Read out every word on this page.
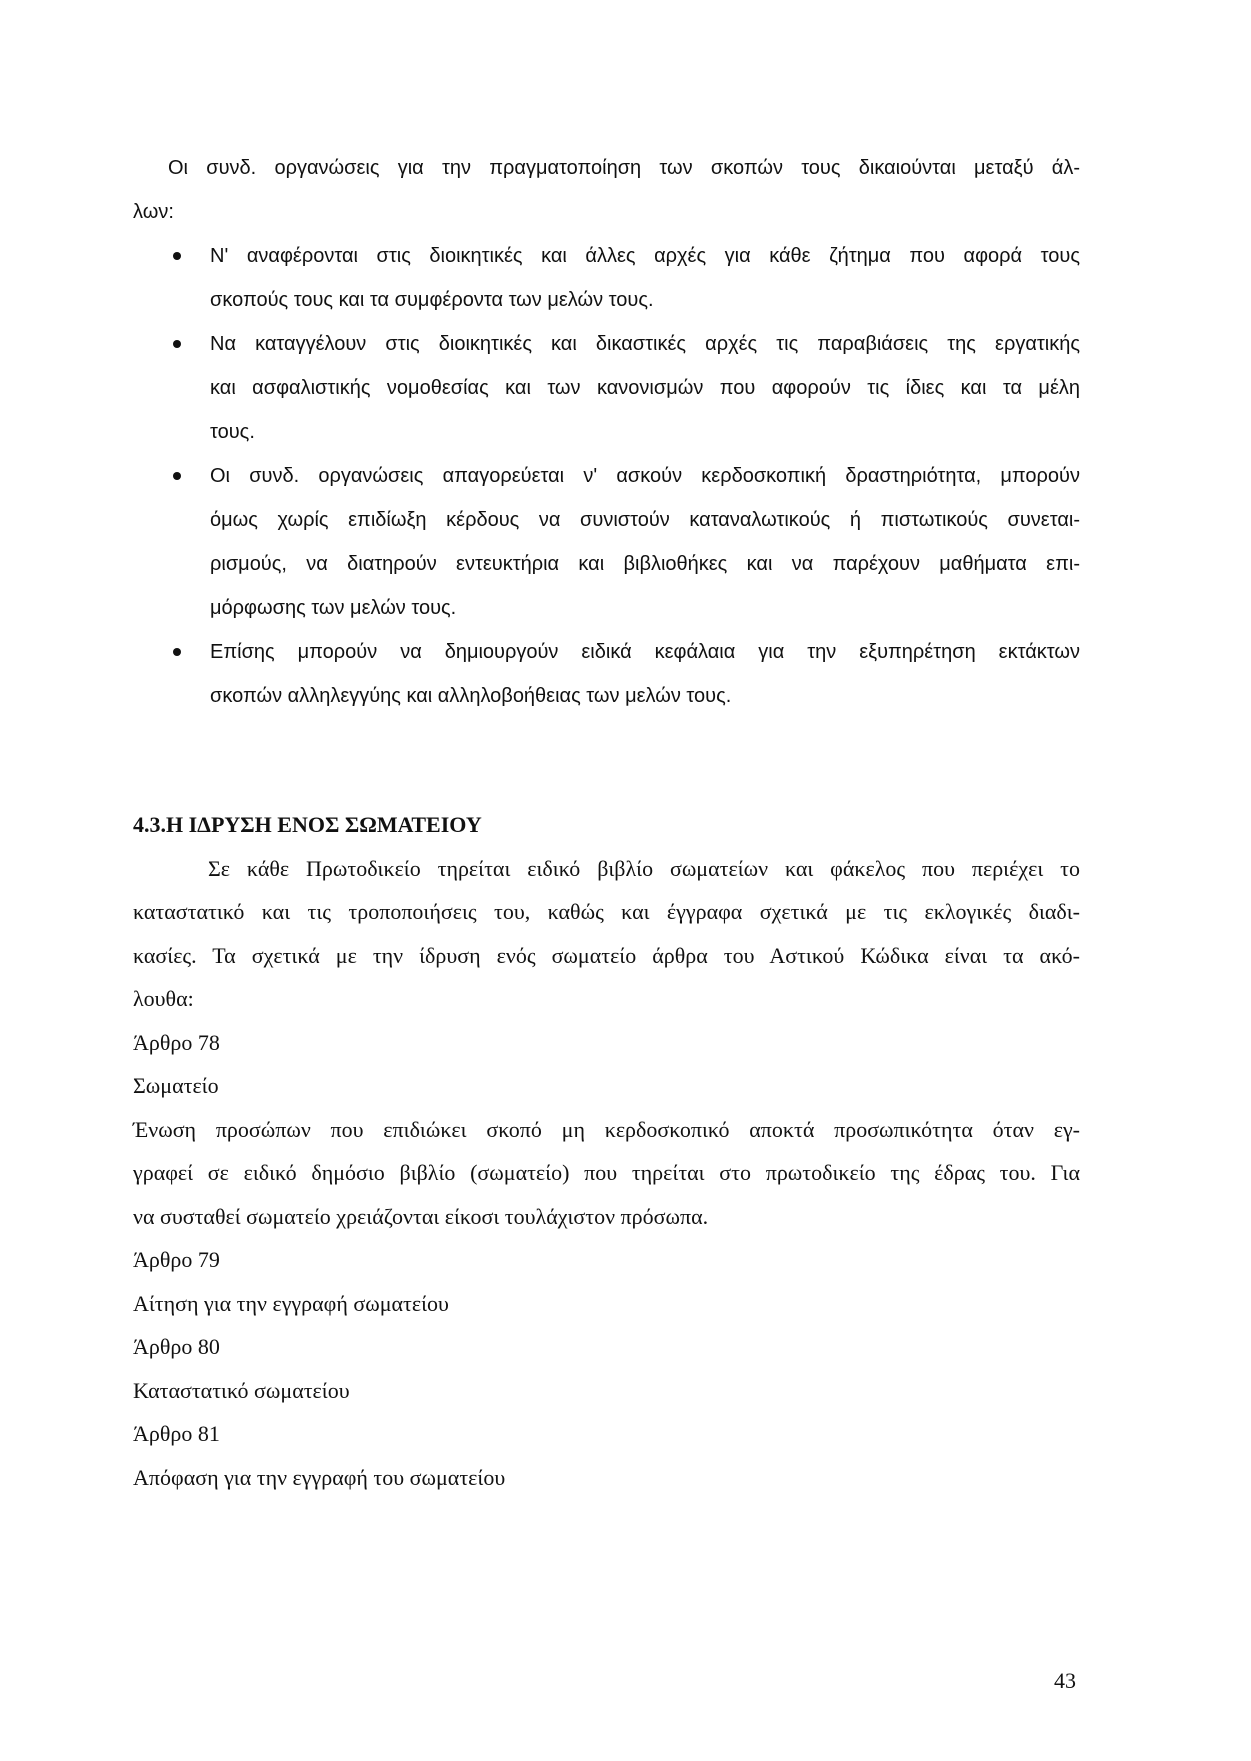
Οι συνδ. οργανώσεις για την πραγματοποίηση των σκοπών τους δικαιούνται μεταξύ άλ-
λων:

Ν' αναφέρονται στις διοικητικές και άλλες αρχές για κάθε ζήτημα που αφορά τους
σκοπούς τους και τα συμφέροντα των μελών τους.
Να καταγγέλουν στις διοικητικές και δικαστικές αρχές τις παραβιάσεις της εργατικής
και ασφαλιστικής νομοθεσίας και των κανονισμών που αφορούν τις ίδιες και τα μέλη
τους.
Οι συνδ. οργανώσεις απαγορεύεται ν' ασκούν κερδοσκοπική δραστηριότητα, μπορούν
όμως χωρίς επιδίωξη κέρδους να συνιστούν καταναλωτικούς ή πιστωτικούς συνεται-
ρισμούς, να διατηρούν εντευκτήρια και βιβλιοθήκες και να παρέχουν μαθήματα επι-
μόρφωσης των μελών τους.
Επίσης μπορούν να δημιουργούν ειδικά κεφάλαια για την εξυπηρέτηση εκτάκτων
σκοπών αλληλεγγύης και αλληλοβοήθειας των μελών τους.
4.3.Η ΙΔΡΥΣΗ ΕΝΟΣ ΣΩΜΑΤΕΙΟΥ

Σε κάθε Πρωτοδικείο τηρείται ειδικό βιβλίο σωματείων και φάκελος που περιέχει το
καταστατικό και τις τροποποιήσεις του, καθώς και έγγραφα σχετικά με τις εκλογικές διαδι-
κασίες. Τα σχετικά με την ίδρυση ενός σωματείο άρθρα του Αστικού Κώδικα είναι τα ακό-
λουθα:

Άρθρο 78
Σωματείο
Ένωση προσώπων που επιδιώκει σκοπό μη κερδοσκοπικό αποκτά προσωπικότητα όταν εγ-
γραφεί σε ειδικό δημόσιο βιβλίο (σωματείο) που τηρείται στο πρωτοδικείο της έδρας του. Για
να συσταθεί σωματείο χρειάζονται είκοσι τουλάχιστον πρόσωπα.
Άρθρο 79
Αίτηση για την εγγραφή σωματείου
Άρθρο 80
Καταστατικό σωματείου
Άρθρο 81
Απόφαση για την εγγραφή του σωματείου
43
